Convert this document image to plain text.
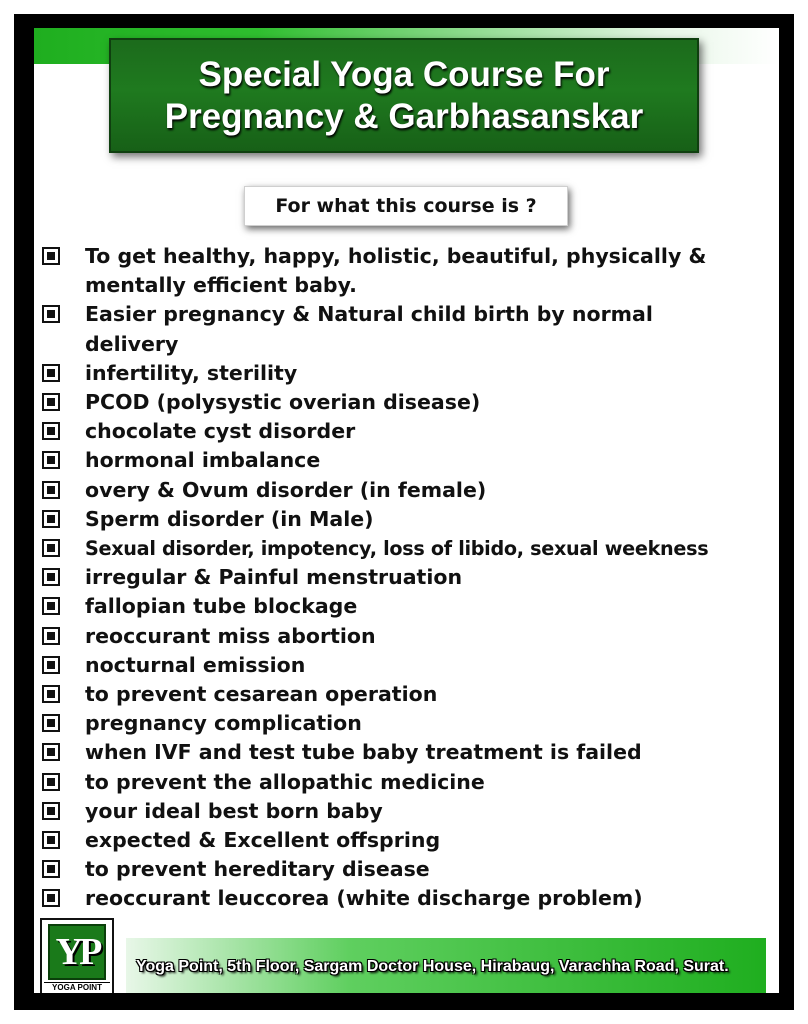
Special Yoga Course For
Pregnancy & Garbhasanskar
For what this course is ?
To get healthy, happy, holistic, beautiful, physically & mentally efficient baby.
Easier pregnancy & Natural child birth by normal delivery
infertility, sterility
PCOD (polysystic overian disease)
chocolate cyst disorder
hormonal imbalance
overy & Ovum disorder (in female)
Sperm disorder (in Male)
Sexual disorder, impotency, loss of libido, sexual weekness
irregular & Painful menstruation
fallopian tube blockage
reoccurant miss abortion
nocturnal emission
to prevent cesarean operation
pregnancy complication
when IVF and test tube baby treatment is failed
to prevent the allopathic medicine
your ideal best born baby
expected & Excellent offspring
to prevent hereditary disease
reoccurant leuccorea (white discharge problem)
Yoga Point, 5th Floor, Sargam Doctor House, Hirabaug, Varachha Road, Surat.
YP
YOGA POINT
